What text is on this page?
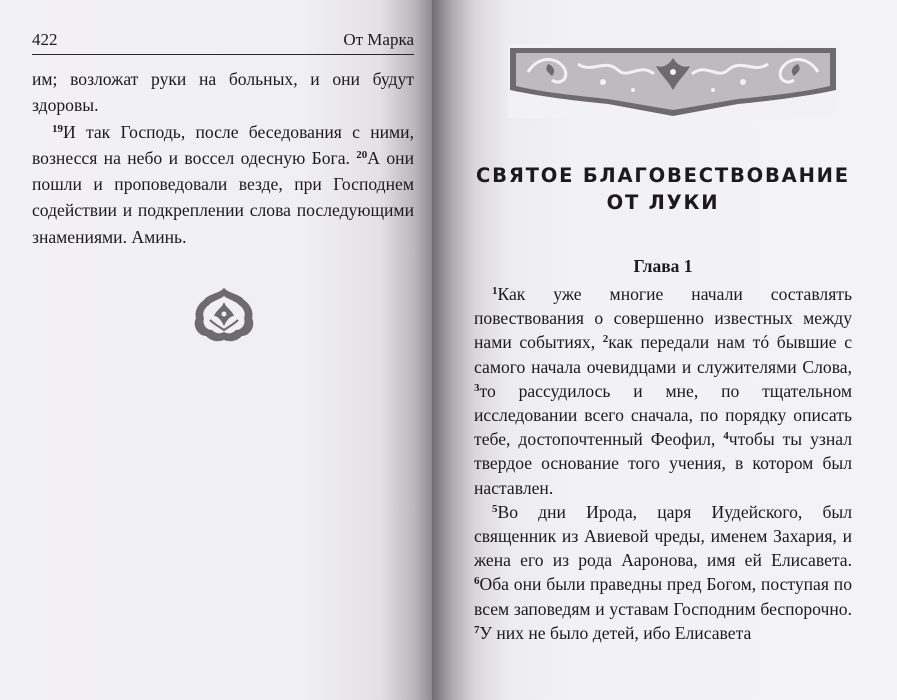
422	От Марка

им; возложат руки на больных, и они будут здоровы.

$^{19}$И так Господь, после беседования с ними, вознесся на небо и воссел одесную Бога. $^{20}$А они пошли и проповедовали везде, при Господнем содействии и подкреплении слова последующими знамениями. Аминь.

СВЯТОЕ БЛАГОВЕСТВОВАНИЕ
ОТ ЛУКИ
Глава 1

$^1$Как уже многие начали составлять повествования о совершенно известных между нами событиях, $^2$как передали нам тó бывшие с самого начала очевидцами и служителями Слова, $^3$то рассудилось и мне, по тщательном исследовании всего сначала, по порядку описать тебе, достопочтенный Феофил, $^4$чтобы ты узнал твердое основание того учения, в котором был наставлен.

$^5$Во дни Ирода, царя Иудейского, был священник из Авиевой чреды, именем Захария, и жена его из рода Ааронова, имя ей Елисавета. $^6$Оба они были праведны пред Богом, поступая по всем заповедям и уставам Господним беспорочно. $^7$У них не было детей, ибо Елисавета
